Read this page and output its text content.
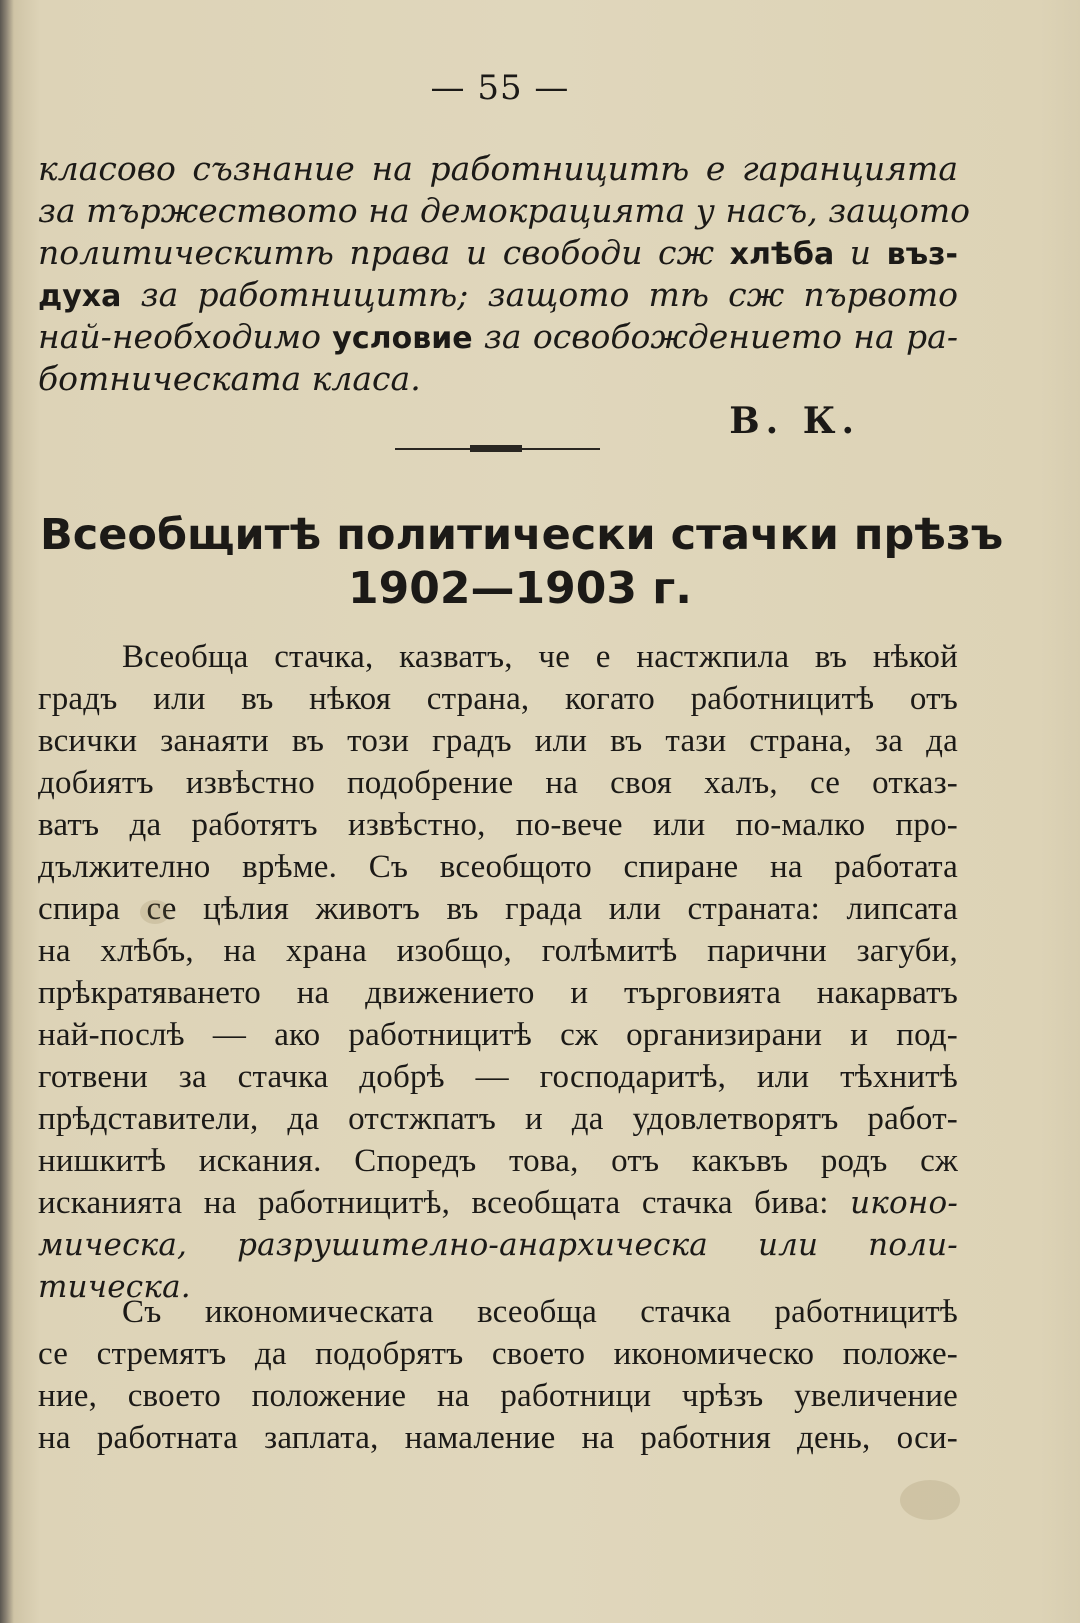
— 55 —
класово съзнание на работницитѣ е гаранцията
за тържеството на демокрацията у насъ, защото
политическитѣ права и свободи сж хлѣба и въз-
духа за работницитѣ; защото тѣ сж първото
най-необходимо условие за освобождението на ра-
ботническата класа.
В. К.
Всеобщитѣ политически стачки прѣзъ
1902—1903 г.
Всеобща стачка, казватъ, че е настжпила въ нѣкой
градъ или въ нѣкоя страна, когато работницитѣ отъ
всички занаяти въ този градъ или въ тази страна, за да
добиятъ извѣстно подобрение на своя халъ, се отказ-
ватъ да работятъ извѣстно, по-вече или по-малко про-
дължително врѣме. Съ всеобщото спиране на работата
спира се цѣлия животъ въ града или страната: липсата
на хлѣбъ, на храна изобщо, голѣмитѣ парични загуби,
прѣкратяването на движението и търговията накарватъ
най-послѣ — ако работницитѣ сж организирани и под-
готвени за стачка добрѣ — господаритѣ, или тѣхнитѣ
прѣдставители, да отстжпатъ и да удовлетворятъ работ-
нишкитѣ искания. Споредъ това, отъ какъвъ родъ сж
исканията на работницитѣ, всеобщата стачка бива: иконо-
мическа, разрушително-анархическа или поли-
тическа.
Съ икономическата всеобща стачка работницитѣ
се стремятъ да подобрятъ своето икономическо положе-
ние, своето положение на работници чрѣзъ увеличение
на работната заплата, намаление на работния день, оси-
